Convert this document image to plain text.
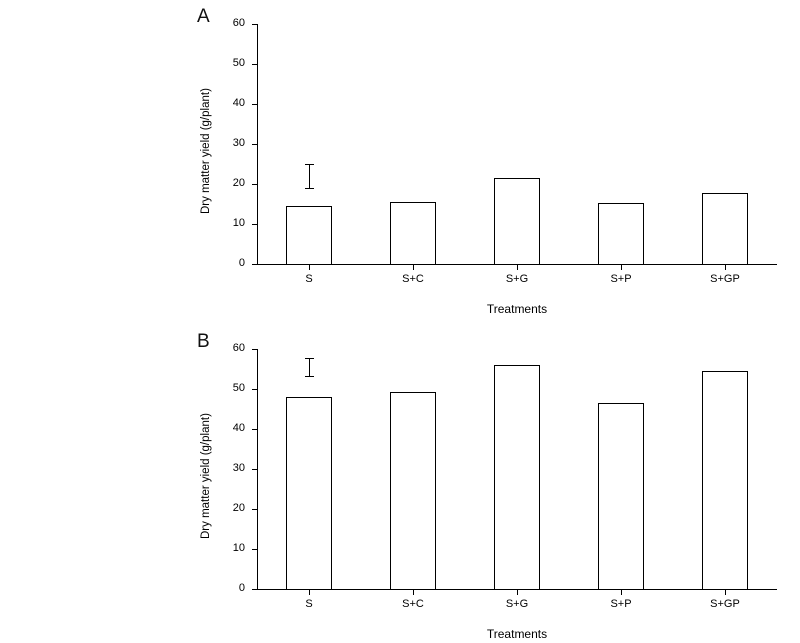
A
0
10
20
30
40
50
60
Dry matter yield (g/plant)
S	S+C	S+G	S+P	S+GP
Treatments
B
0
10
20
30
40
50
60
Dry matter yield (g/plant)
S	S+C	S+G	S+P	S+GP
Treatments
